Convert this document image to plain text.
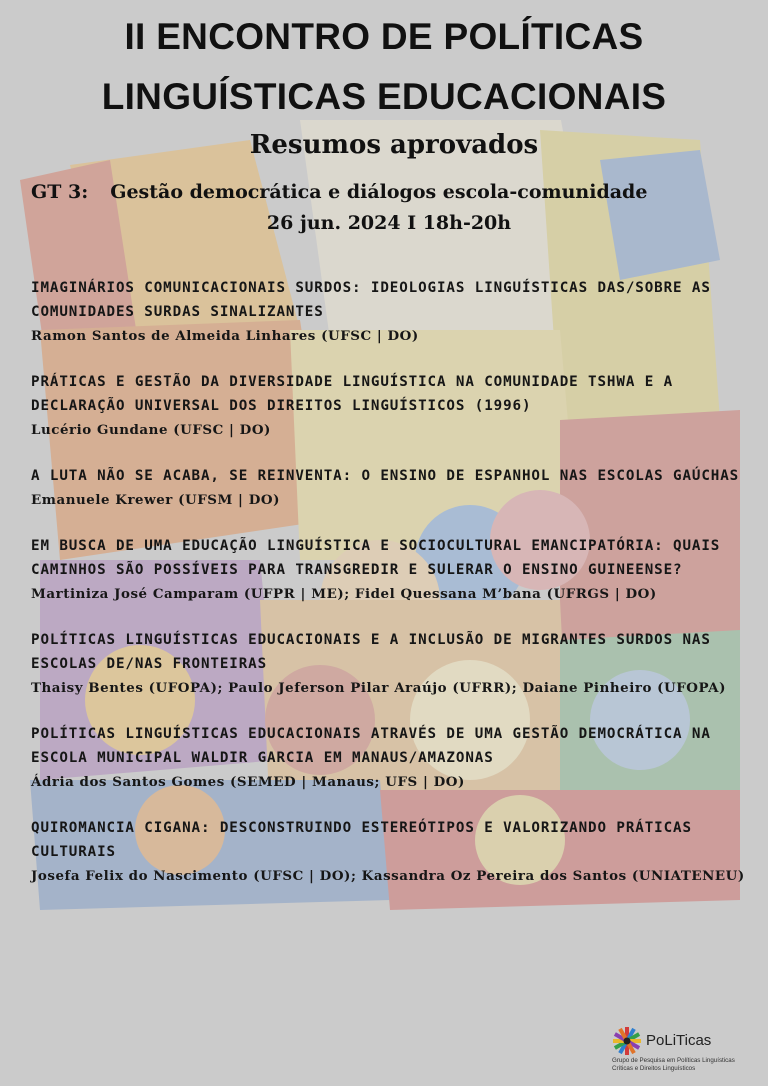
II ENCONTRO DE POLÍTICAS
LINGUÍSTICAS EDUCACIONAIS
Resumos aprovados
GT 3: Gestão democrática e diálogos escola-comunidade
26 jun. 2024 I 18h-20h
IMAGINÁRIOS COMUNICACIONAIS SURDOS: IDEOLOGIAS LINGUÍSTICAS DAS/SOBRE AS COMUNIDADES SURDAS SINALIZANTES
Ramon Santos de Almeida Linhares (UFSC | DO)
PRÁTICAS E GESTÃO DA DIVERSIDADE LINGUÍSTICA NA COMUNIDADE TSHWA E A DECLARAÇÃO UNIVERSAL DOS DIREITOS LINGUÍSTICOS (1996)
Lucério Gundane (UFSC | DO)
A LUTA NÃO SE ACABA, SE REINVENTA: O ENSINO DE ESPANHOL NAS ESCOLAS GAÚCHAS
Emanuele Krewer (UFSM | DO)
EM BUSCA DE UMA EDUCAÇÃO LINGUÍSTICA E SOCIOCULTURAL EMANCIPATÓRIA: QUAIS CAMINHOS SÃO POSSÍVEIS PARA TRANSGREDIR E SULERAR O ENSINO GUINEENSE?
Martiniza José Camparam (UFPR | ME); Fidel Quessana M’bana (UFRGS | DO)
POLÍTICAS LINGUÍSTICAS EDUCACIONAIS E A INCLUSÃO DE MIGRANTES SURDOS NAS ESCOLAS DE/NAS FRONTEIRAS
Thaisy Bentes (UFOPA); Paulo Jeferson Pilar Araújo (UFRR); Daiane Pinheiro (UFOPA)
POLÍTICAS LINGUÍSTICAS EDUCACIONAIS ATRAVÉS DE UMA GESTÃO DEMOCRÁTICA NA ESCOLA MUNICIPAL WALDIR GARCIA EM MANAUS/AMAZONAS
Ádria dos Santos Gomes (SEMED | Manaus; UFS | DO)
QUIROMANCIA CIGANA: DESCONSTRUINDO ESTEREÓTIPOS E VALORIZANDO PRÁTICAS CULTURAIS
Josefa Felix do Nascimento (UFSC | DO); Kassandra Oz Pereira dos Santos (UNIATENEU)
PoLiTicas
Grupo de Pesquisa em Políticas Linguísticas
Críticas e Direitos Linguísticos
